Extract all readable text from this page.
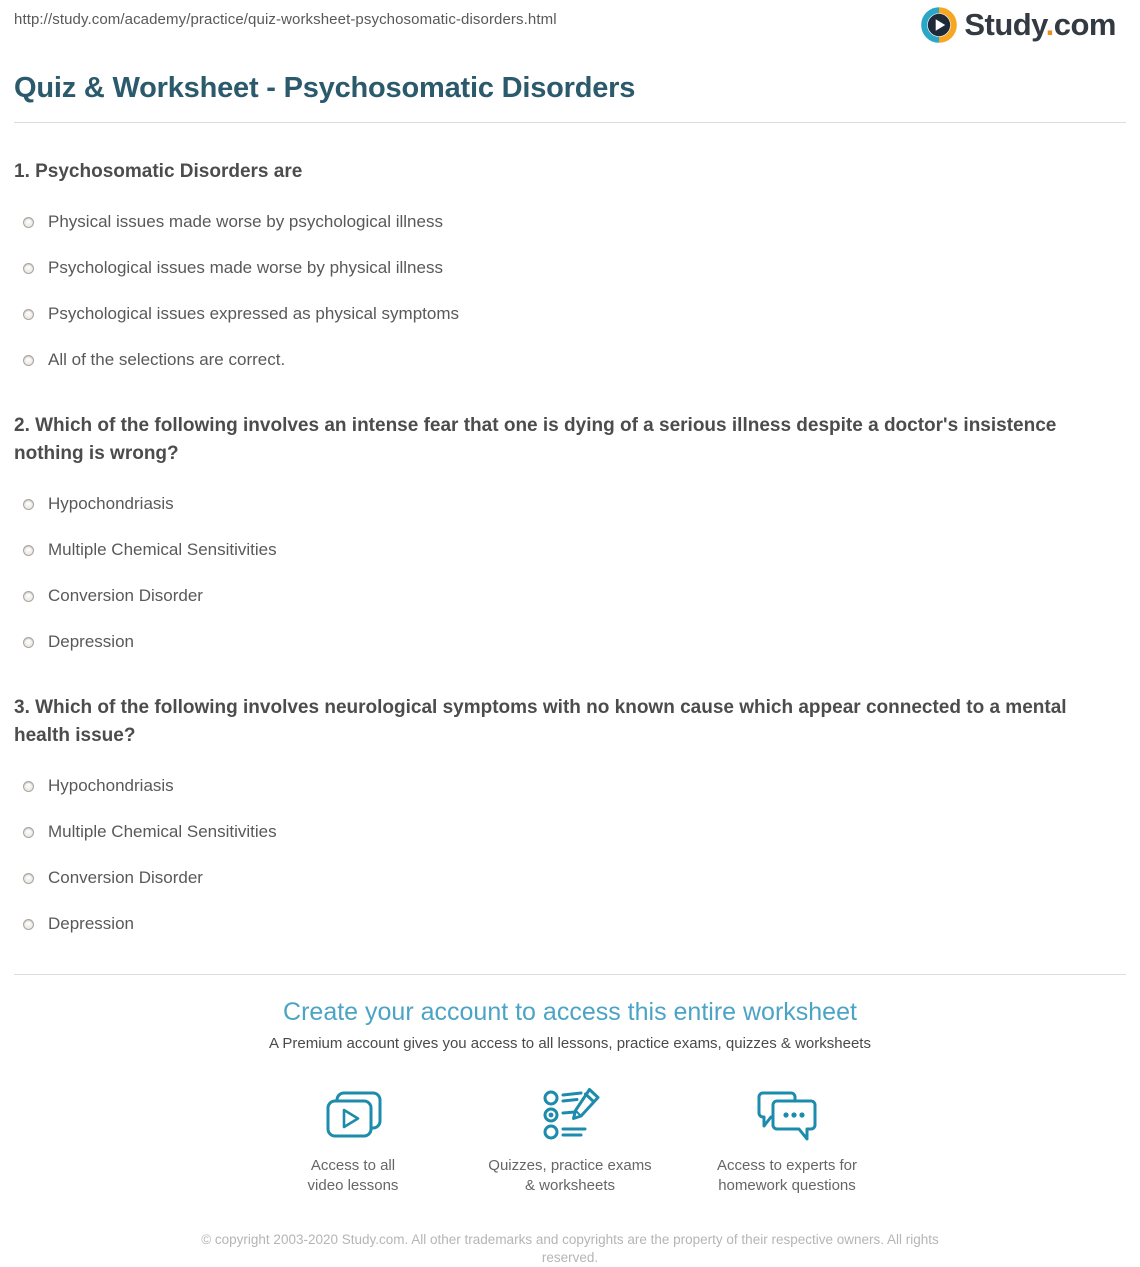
http://study.com/academy/practice/quiz-worksheet-psychosomatic-disorders.html	Study.com
Quiz & Worksheet - Psychosomatic Disorders
1. Psychosomatic Disorders are
Physical issues made worse by psychological illness
Psychological issues made worse by physical illness
Psychological issues expressed as physical symptoms
All of the selections are correct.
2. Which of the following involves an intense fear that one is dying of a serious illness despite a doctor's insistence nothing is wrong?
Hypochondriasis
Multiple Chemical Sensitivities
Conversion Disorder
Depression
3. Which of the following involves neurological symptoms with no known cause which appear connected to a mental health issue?
Hypochondriasis
Multiple Chemical Sensitivities
Conversion Disorder
Depression
Create your account to access this entire worksheet
A Premium account gives you access to all lessons, practice exams, quizzes & worksheets
Access to all
video lessons
Quizzes, practice exams
& worksheets
Access to experts for
homework questions
© copyright 2003-2020 Study.com. All other trademarks and copyrights are the property of their respective owners. All rights reserved.
